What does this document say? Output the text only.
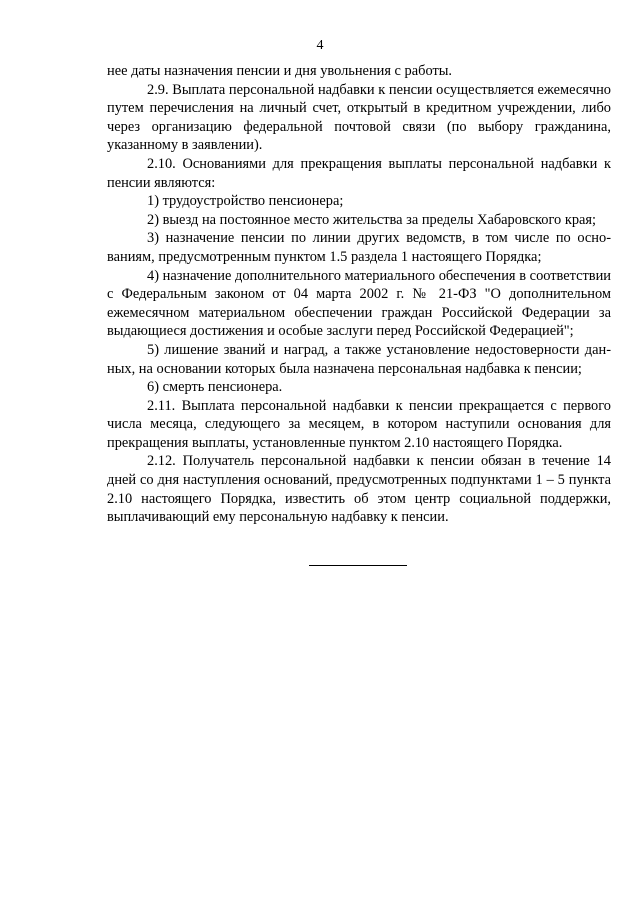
4

нее даты назначения пенсии и дня увольнения с работы.

2.9. Выплата персональной надбавки к пенсии осуществляется ежемесячно путем перечисления на личный счет, открытый в кредитном учреждении, либо через организацию федеральной почтовой связи (по выбору гражданина, указанному в заявлении).

2.10. Основаниями для прекращения выплаты персональной надбавки к пенсии являются:

1) трудоустройство пенсионера;

2) выезд на постоянное место жительства за пределы Хабаровского края;

3) назначение пенсии по линии других ведомств, в том числе по основаниям, предусмотренным пунктом 1.5 раздела 1 настоящего Порядка;

4) назначение дополнительного материального обеспечения в соответствии с Федеральным законом от 04 марта 2002 г. № 21-ФЗ "О дополнительном ежемесячном материальном обеспечении граждан Российской Федерации за выдающиеся достижения и особые заслуги перед Российской Федерацией";

5) лишение званий и наград, а также установление недостоверности данных, на основании которых была назначена персональная надбавка к пенсии;

6) смерть пенсионера.

2.11. Выплата персональной надбавки к пенсии прекращается с первого числа месяца, следующего за месяцем, в котором наступили основания для прекращения выплаты, установленные пунктом 2.10 настоящего Порядка.

2.12. Получатель персональной надбавки к пенсии обязан в течение 14 дней со дня наступления оснований, предусмотренных подпунктами 1 – 5 пункта 2.10 настоящего Порядка, известить об этом центр социальной поддержки, выплачивающий ему персональную надбавку к пенсии.
